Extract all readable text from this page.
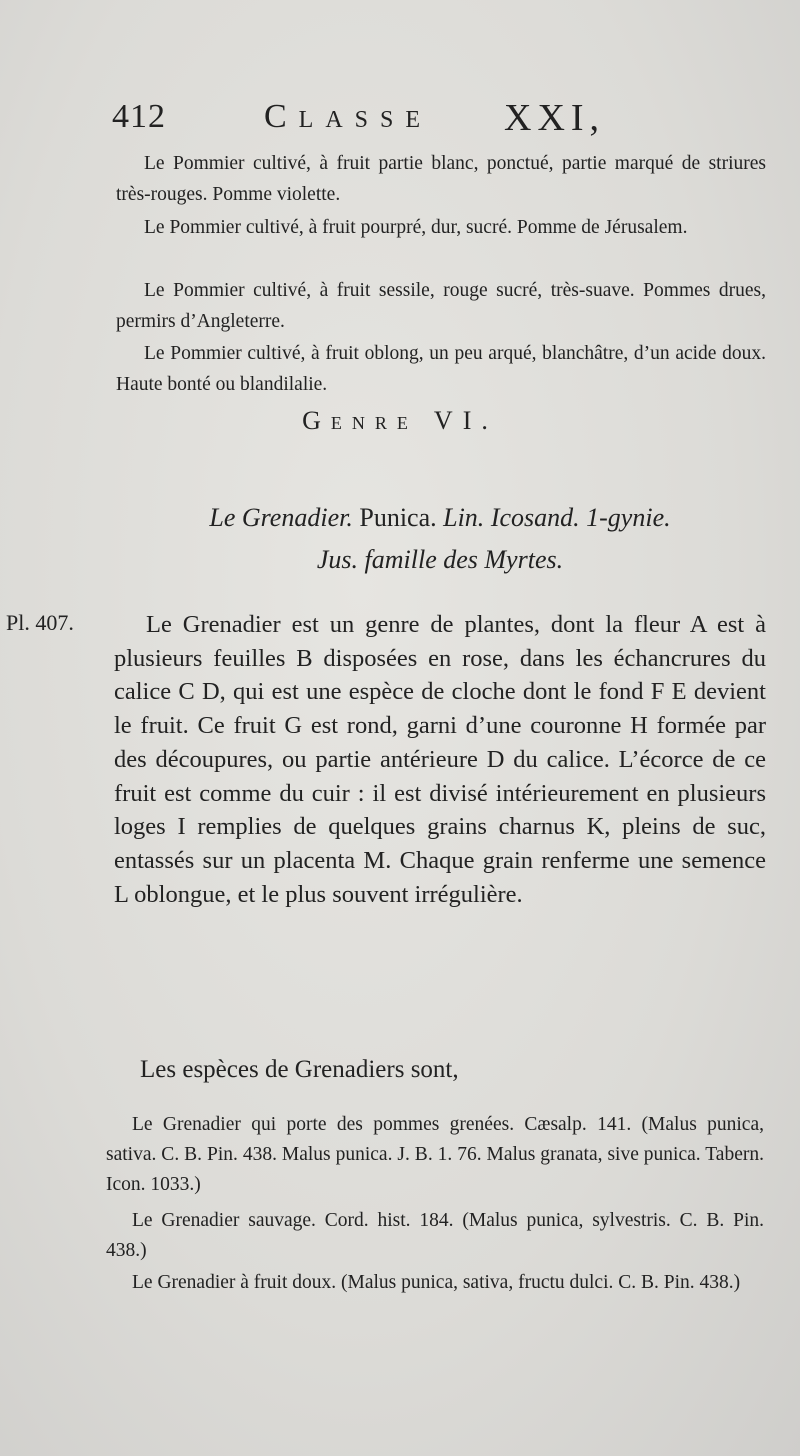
412	Classe XXI,

Le Pommier cultivé, à fruit partie blanc, ponctué, partie marqué de striures très-rouges. Pomme violette.

Le Pommier cultivé, à fruit pourpré, dur, sucré. Pomme de Jérusalem.

Le Pommier cultivé, à fruit sessile, rouge sucré, très-suave. Pommes drues, permirs d’Angleterre.

Le Pommier cultivé, à fruit oblong, un peu arqué, blanchâtre, d’un acide doux. Haute bonté ou blandilalie.

Genre VI.
Le Grenadier. Punica. Lin. Icosand. 1-gynie.
Jus. famille des Myrtes.
Pl. 407.	Le Grenadier est un genre de plantes, dont la fleur A est à plusieurs feuilles B disposées en rose, dans les échancrures du calice C D, qui est une espèce de cloche dont le fond F E devient le fruit. Ce fruit G est rond, garni d’une couronne H formée par des découpures, ou partie antérieure D du calice. L’écorce de ce fruit est comme du cuir : il est divisé intérieurement en plusieurs loges I remplies de quelques grains charnus K, pleins de suc, entassés sur un placenta M. Chaque grain renferme une semence L oblongue, et le plus souvent irrégulière.

Les espèces de Grenadiers sont,

Le Grenadier qui porte des pommes grenées. Cæsalp. 141. (Malus punica, sativa. C. B. Pin. 438. Malus punica. J. B. 1. 76. Malus granata, sive punica. Tabern. Icon. 1033.)

Le Grenadier sauvage. Cord. hist. 184. (Malus punica, sylvestris. C. B. Pin. 438.)

Le Grenadier à fruit doux. (Malus punica, sativa, fructu dulci. C. B. Pin. 438.)
